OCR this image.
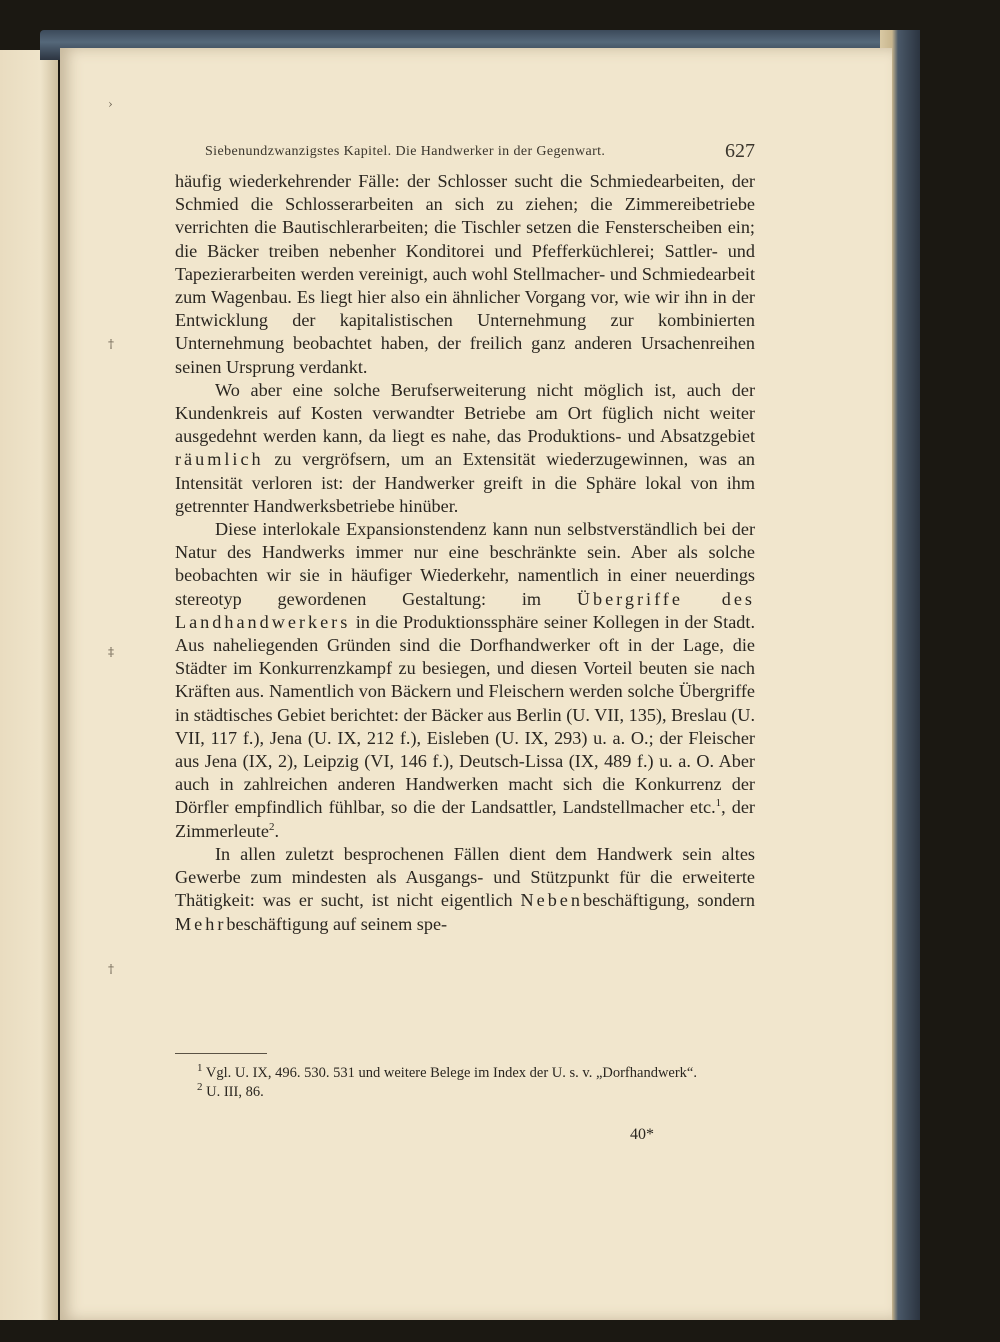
›
†
‡
†
Siebenundzwanzigstes Kapitel. Die Handwerker in der Gegenwart.	627

häufig wiederkehrender Fälle: der Schlosser sucht die Schmiedearbeiten, der Schmied die Schlosserarbeiten an sich zu ziehen; die Zimmereibetriebe verrichten die Bautischlerarbeiten; die Tischler setzen die Fensterscheiben ein; die Bäcker treiben nebenher Konditorei und Pfefferküchlerei; Sattler- und Tapezierarbeiten werden vereinigt, auch wohl Stellmacher- und Schmiedearbeit zum Wagenbau. Es liegt hier also ein ähnlicher Vorgang vor, wie wir ihn in der Entwicklung der kapitalistischen Unternehmung zur kombinierten Unternehmung beobachtet haben, der freilich ganz anderen Ursachenreihen seinen Ursprung verdankt.

Wo aber eine solche Berufserweiterung nicht möglich ist, auch der Kundenkreis auf Kosten verwandter Betriebe am Ort füglich nicht weiter ausgedehnt werden kann, da liegt es nahe, das Produktions- und Absatzgebiet räumlich zu vergröfsern, um an Extensität wiederzugewinnen, was an Intensität verloren ist: der Handwerker greift in die Sphäre lokal von ihm getrennter Handwerksbetriebe hinüber.

Diese interlokale Expansionstendenz kann nun selbstverständlich bei der Natur des Handwerks immer nur eine beschränkte sein. Aber als solche beobachten wir sie in häufiger Wiederkehr, namentlich in einer neuerdings stereotyp gewordenen Gestaltung: im Übergriffe des Landhandwerkers in die Produktionssphäre seiner Kollegen in der Stadt. Aus naheliegenden Gründen sind die Dorfhandwerker oft in der Lage, die Städter im Konkurrenzkampf zu besiegen, und diesen Vorteil beuten sie nach Kräften aus. Namentlich von Bäckern und Fleischern werden solche Übergriffe in städtisches Gebiet berichtet: der Bäcker aus Berlin (U. VII, 135), Breslau (U. VII, 117 f.), Jena (U. IX, 212 f.), Eisleben (U. IX, 293) u. a. O.; der Fleischer aus Jena (IX, 2), Leipzig (VI, 146 f.), Deutsch-Lissa (IX, 489 f.) u. a. O. Aber auch in zahlreichen anderen Handwerken macht sich die Konkurrenz der Dörfler empfindlich fühlbar, so die der Landsattler, Landstellmacher etc.$^1$, der Zimmerleute$^2$.

In allen zuletzt besprochenen Fällen dient dem Handwerk sein altes Gewerbe zum mindesten als Ausgangs- und Stützpunkt für die erweiterte Thätigkeit: was er sucht, ist nicht eigentlich Nebenbeschäftigung, sondern Mehrbeschäftigung auf seinem spe-

$^1$ Vgl. U. IX, 496. 530. 531 und weitere Belege im Index der U. s. v. „Dorfhandwerk“.

$^2$ U. III, 86.

40*
